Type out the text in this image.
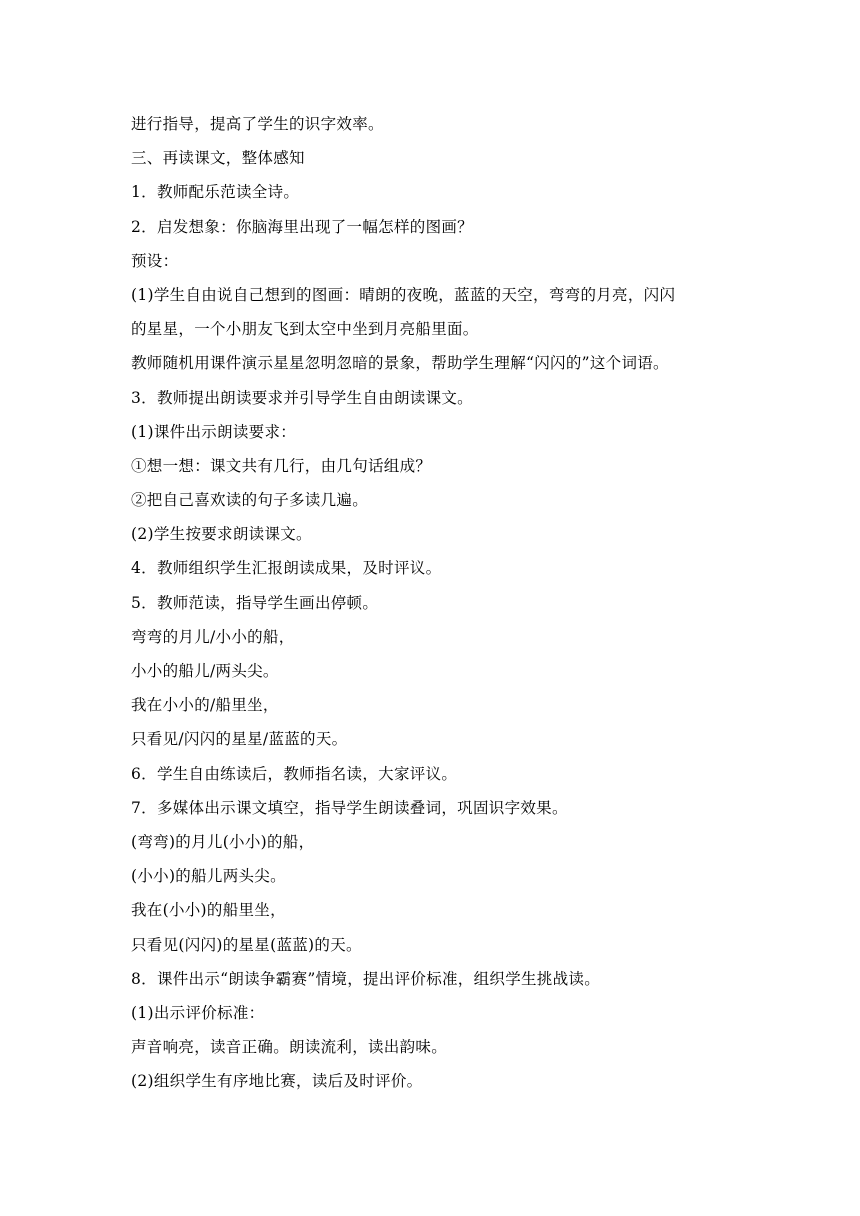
进行指导，提高了学生的识字效率。
三、再读课文，整体感知
1．教师配乐范读全诗。
2．启发想象：你脑海里出现了一幅怎样的图画？
预设：
(1)学生自由说自己想到的图画：晴朗的夜晚，蓝蓝的天空，弯弯的月亮，闪闪
的星星，一个小朋友飞到太空中坐到月亮船里面。
教师随机用课件演示星星忽明忽暗的景象，帮助学生理解“闪闪的”这个词语。
3．教师提出朗读要求并引导学生自由朗读课文。
(1)课件出示朗读要求：
①想一想：课文共有几行，由几句话组成？
②把自己喜欢读的句子多读几遍。
(2)学生按要求朗读课文。
4．教师组织学生汇报朗读成果，及时评议。
5．教师范读，指导学生画出停顿。
弯弯的月儿/小小的船，
小小的船儿/两头尖。
我在小小的/船里坐，
只看见/闪闪的星星/蓝蓝的天。
6．学生自由练读后，教师指名读，大家评议。
7．多媒体出示课文填空，指导学生朗读叠词，巩固识字效果。
(弯弯)的月儿(小小)的船，
(小小)的船儿两头尖。
我在(小小)的船里坐，
只看见(闪闪)的星星(蓝蓝)的天。
8．课件出示“朗读争霸赛”情境，提出评价标准，组织学生挑战读。
(1)出示评价标准：
声音响亮，读音正确。朗读流利，读出韵味。
(2)组织学生有序地比赛，读后及时评价。
